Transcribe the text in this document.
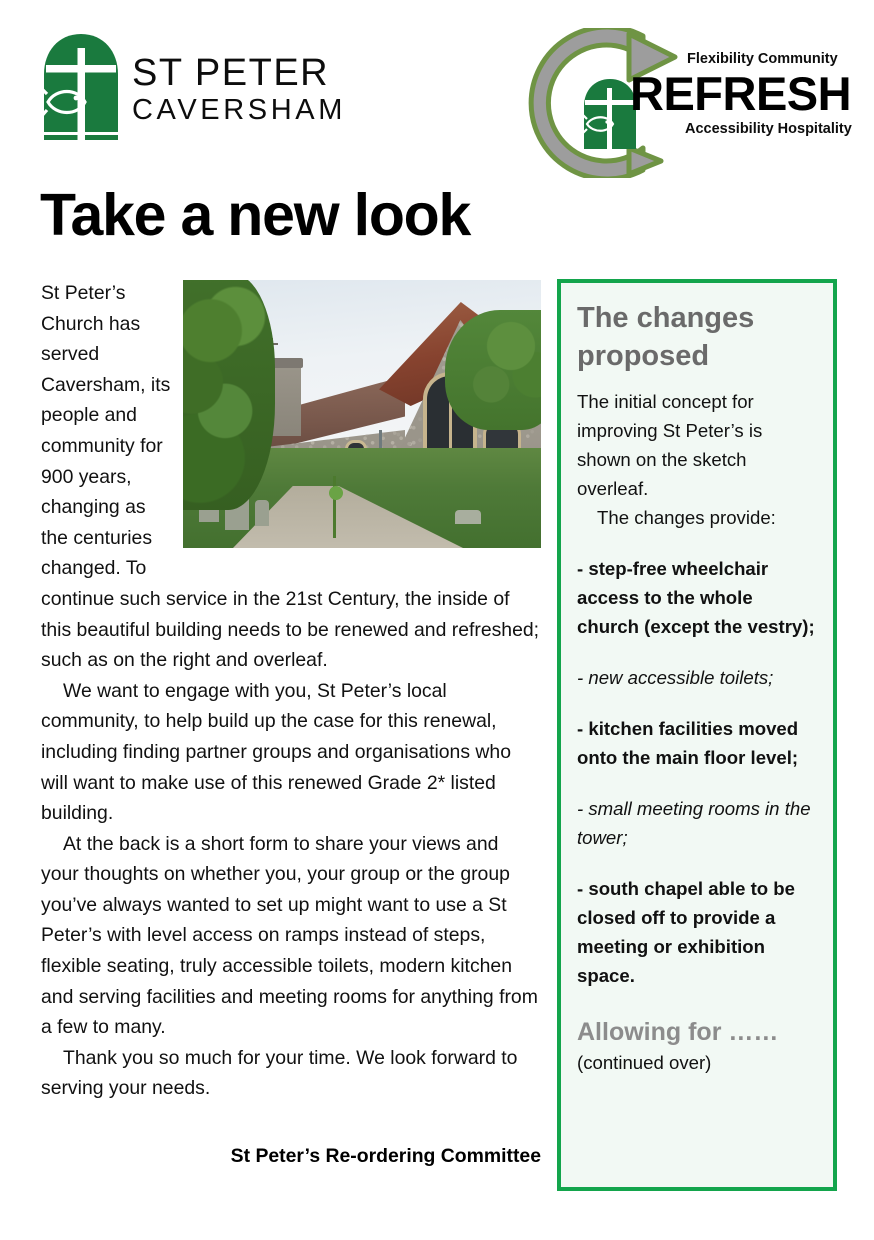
ST PETER
CAVERSHAM
Flexibility Community
REFRESH
Accessibility Hospitality
Take a new look

St Peter’s Church has served Caversham, its people and community for 900 years, changing as the centuries changed. To continue such service in the 21st Century, the inside of this beautiful building needs to be renewed and refreshed; such as on the right and overleaf.

We want to engage with you, St Peter’s local community, to help build up the case for this renewal, including finding partner groups and organisations who will want to make use of this renewed Grade 2* listed building.

At the back is a short form to share your views and your thoughts on whether you, your group or the group you’ve always wanted to set up might want to use a St Peter’s with level access on ramps instead of steps, flexible seating, truly accessible toilets, modern kitchen and serving facilities and meeting rooms for anything from a few to many.

Thank you so much for your time. We look forward to serving your needs.

St Peter’s Re-ordering Committee
The changes proposed

The initial concept for improving St Peter’s is shown on the sketch overleaf.

The changes provide:

- step-free wheelchair access to the whole church (except the vestry);

- new accessible toilets;

- kitchen facilities moved onto the main floor level;

- small meeting rooms in the tower;

- south chapel able to be closed off to provide a meeting or exhibition space.

Allowing for ……

(continued over)
